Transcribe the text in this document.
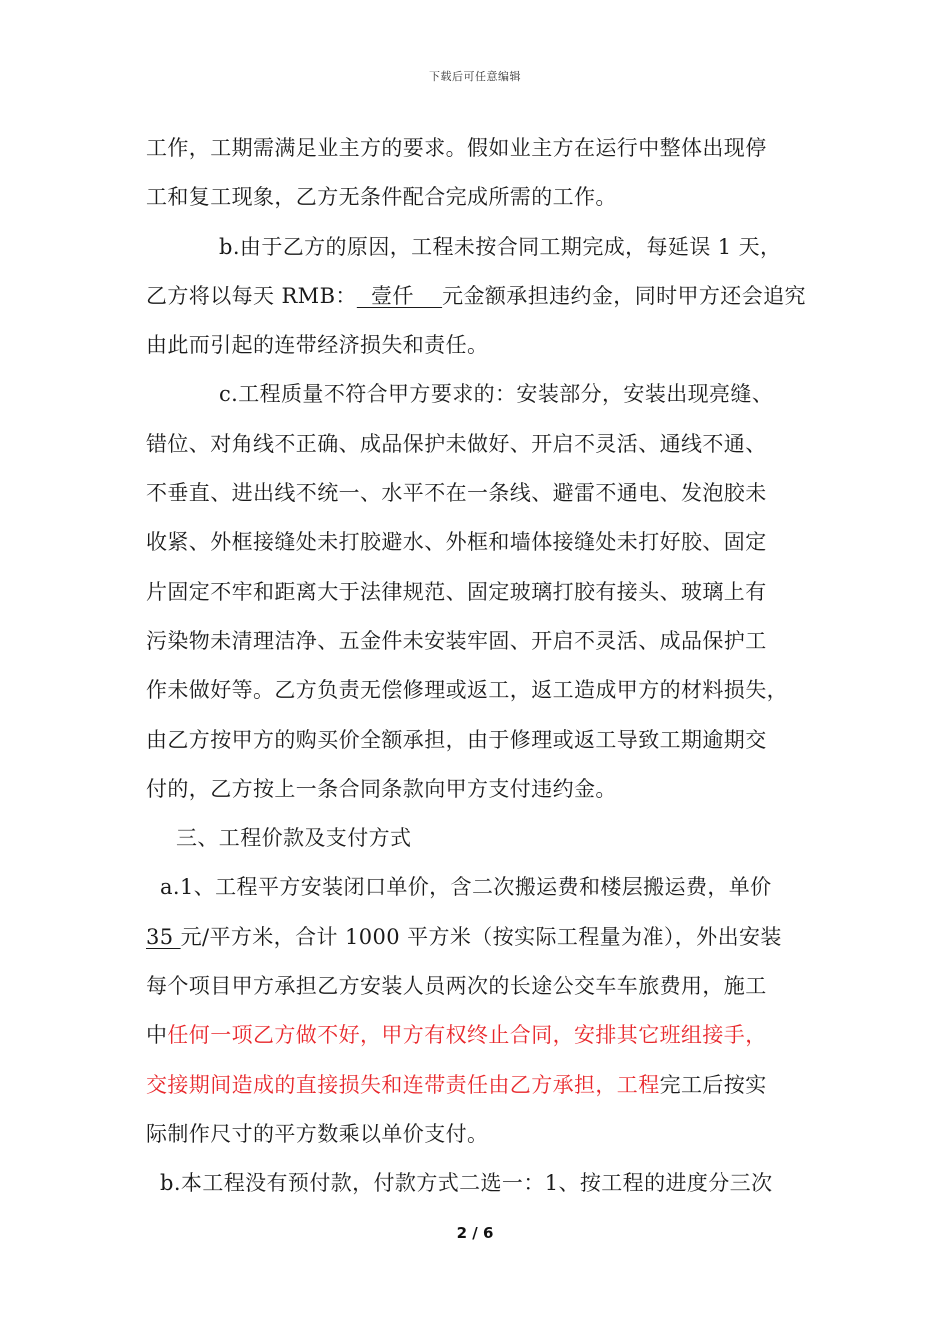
下载后可任意编辑
工作，工期需满足业主方的要求。假如业主方在运行中整体出现停
工和复工现象，乙方无条件配合完成所需的工作。
b.由于乙方的原因，工程未按合同工期完成，每延误 1 天，
乙方将以每天 RMB：  壹仟    元金额承担违约金，同时甲方还会追究
由此而引起的连带经济损失和责任。
c.工程质量不符合甲方要求的：安装部分，安装出现亮缝、
错位、对角线不正确、成品保护未做好、开启不灵活、通线不通、
不垂直、进出线不统一、水平不在一条线、避雷不通电、发泡胶未
收紧、外框接缝处未打胶避水、外框和墙体接缝处未打好胶、固定
片固定不牢和距离大于法律规范、固定玻璃打胶有接头、玻璃上有
污染物未清理洁净、五金件未安装牢固、开启不灵活、成品保护工
作未做好等。乙方负责无偿修理或返工，返工造成甲方的材料损失，
由乙方按甲方的购买价全额承担，由于修理或返工导致工期逾期交
付的，乙方按上一条合同条款向甲方支付违约金。
三、工程价款及支付方式
a.1、工程平方安装闭口单价，含二次搬运费和楼层搬运费，单价
35 元/平方米，合计 1000 平方米（按实际工程量为准），外出安装
每个项目甲方承担乙方安装人员两次的长途公交车车旅费用，施工
中任何一项乙方做不好，甲方有权终止合同，安排其它班组接手，
交接期间造成的直接损失和连带责任由乙方承担，工程完工后按实
际制作尺寸的平方数乘以单价支付。
b.本工程没有预付款，付款方式二选一：1、按工程的进度分三次
2 / 6
